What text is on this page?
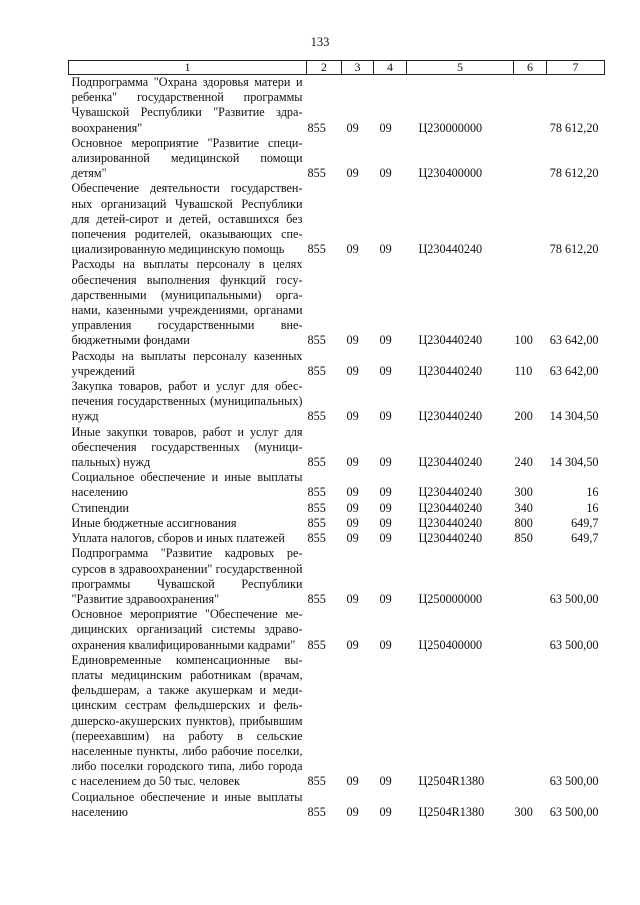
133
1	2	3	4	5	6	7
Подпрограмма "Охрана здоровья матери и ребенка" государственной программы Чувашской Республики "Развитие здравоохранения"	855	09	09	Ц230000000		78 612,20
Основное мероприятие "Развитие специализированной медицинской помощи детям"	855	09	09	Ц230400000		78 612,20
Обеспечение деятельности государственных организаций Чувашской Республики для детей-сирот и детей, оставшихся без попечения родителей, оказывающих специализированную медицинскую помощь	855	09	09	Ц230440240		78 612,20
Расходы на выплаты персоналу в целях обеспечения выполнения функций государственными (муниципальными) органами, казенными учреждениями, органами управления государственными внебюджетными фондами	855	09	09	Ц230440240	100	63 642,00
Расходы на выплаты персоналу казенных учреждений	855	09	09	Ц230440240	110	63 642,00
Закупка товаров, работ и услуг для обеспечения государственных (муниципальных) нужд	855	09	09	Ц230440240	200	14 304,50
Иные закупки товаров, работ и услуг для обеспечения государственных (муниципальных) нужд	855	09	09	Ц230440240	240	14 304,50
Социальное обеспечение и иные выплаты населению	855	09	09	Ц230440240	300	16
Стипендии	855	09	09	Ц230440240	340	16
Иные бюджетные ассигнования	855	09	09	Ц230440240	800	649,7
Уплата налогов, сборов и иных платежей	855	09	09	Ц230440240	850	649,7
Подпрограмма "Развитие кадровых ресурсов в здравоохранении" государственной программы Чувашской Республики "Развитие здравоохранения"	855	09	09	Ц250000000		63 500,00
Основное мероприятие "Обеспечение медицинских организаций системы здравоохранения квалифицированными кадрами"	855	09	09	Ц250400000		63 500,00
Единовременные компенсационные выплаты медицинским работникам (врачам, фельдшерам, а также акушеркам и медицинским сестрам фельдшерских и фельдшерско-акушерских пунктов), прибывшим (переехавшим) на работу в сельские населенные пункты, либо рабочие поселки, либо поселки городского типа, либо города с населением до 50 тыс. человек	855	09	09	Ц2504R1380		63 500,00
Социальное обеспечение и иные выплаты населению	855	09	09	Ц2504R1380	300	63 500,00
